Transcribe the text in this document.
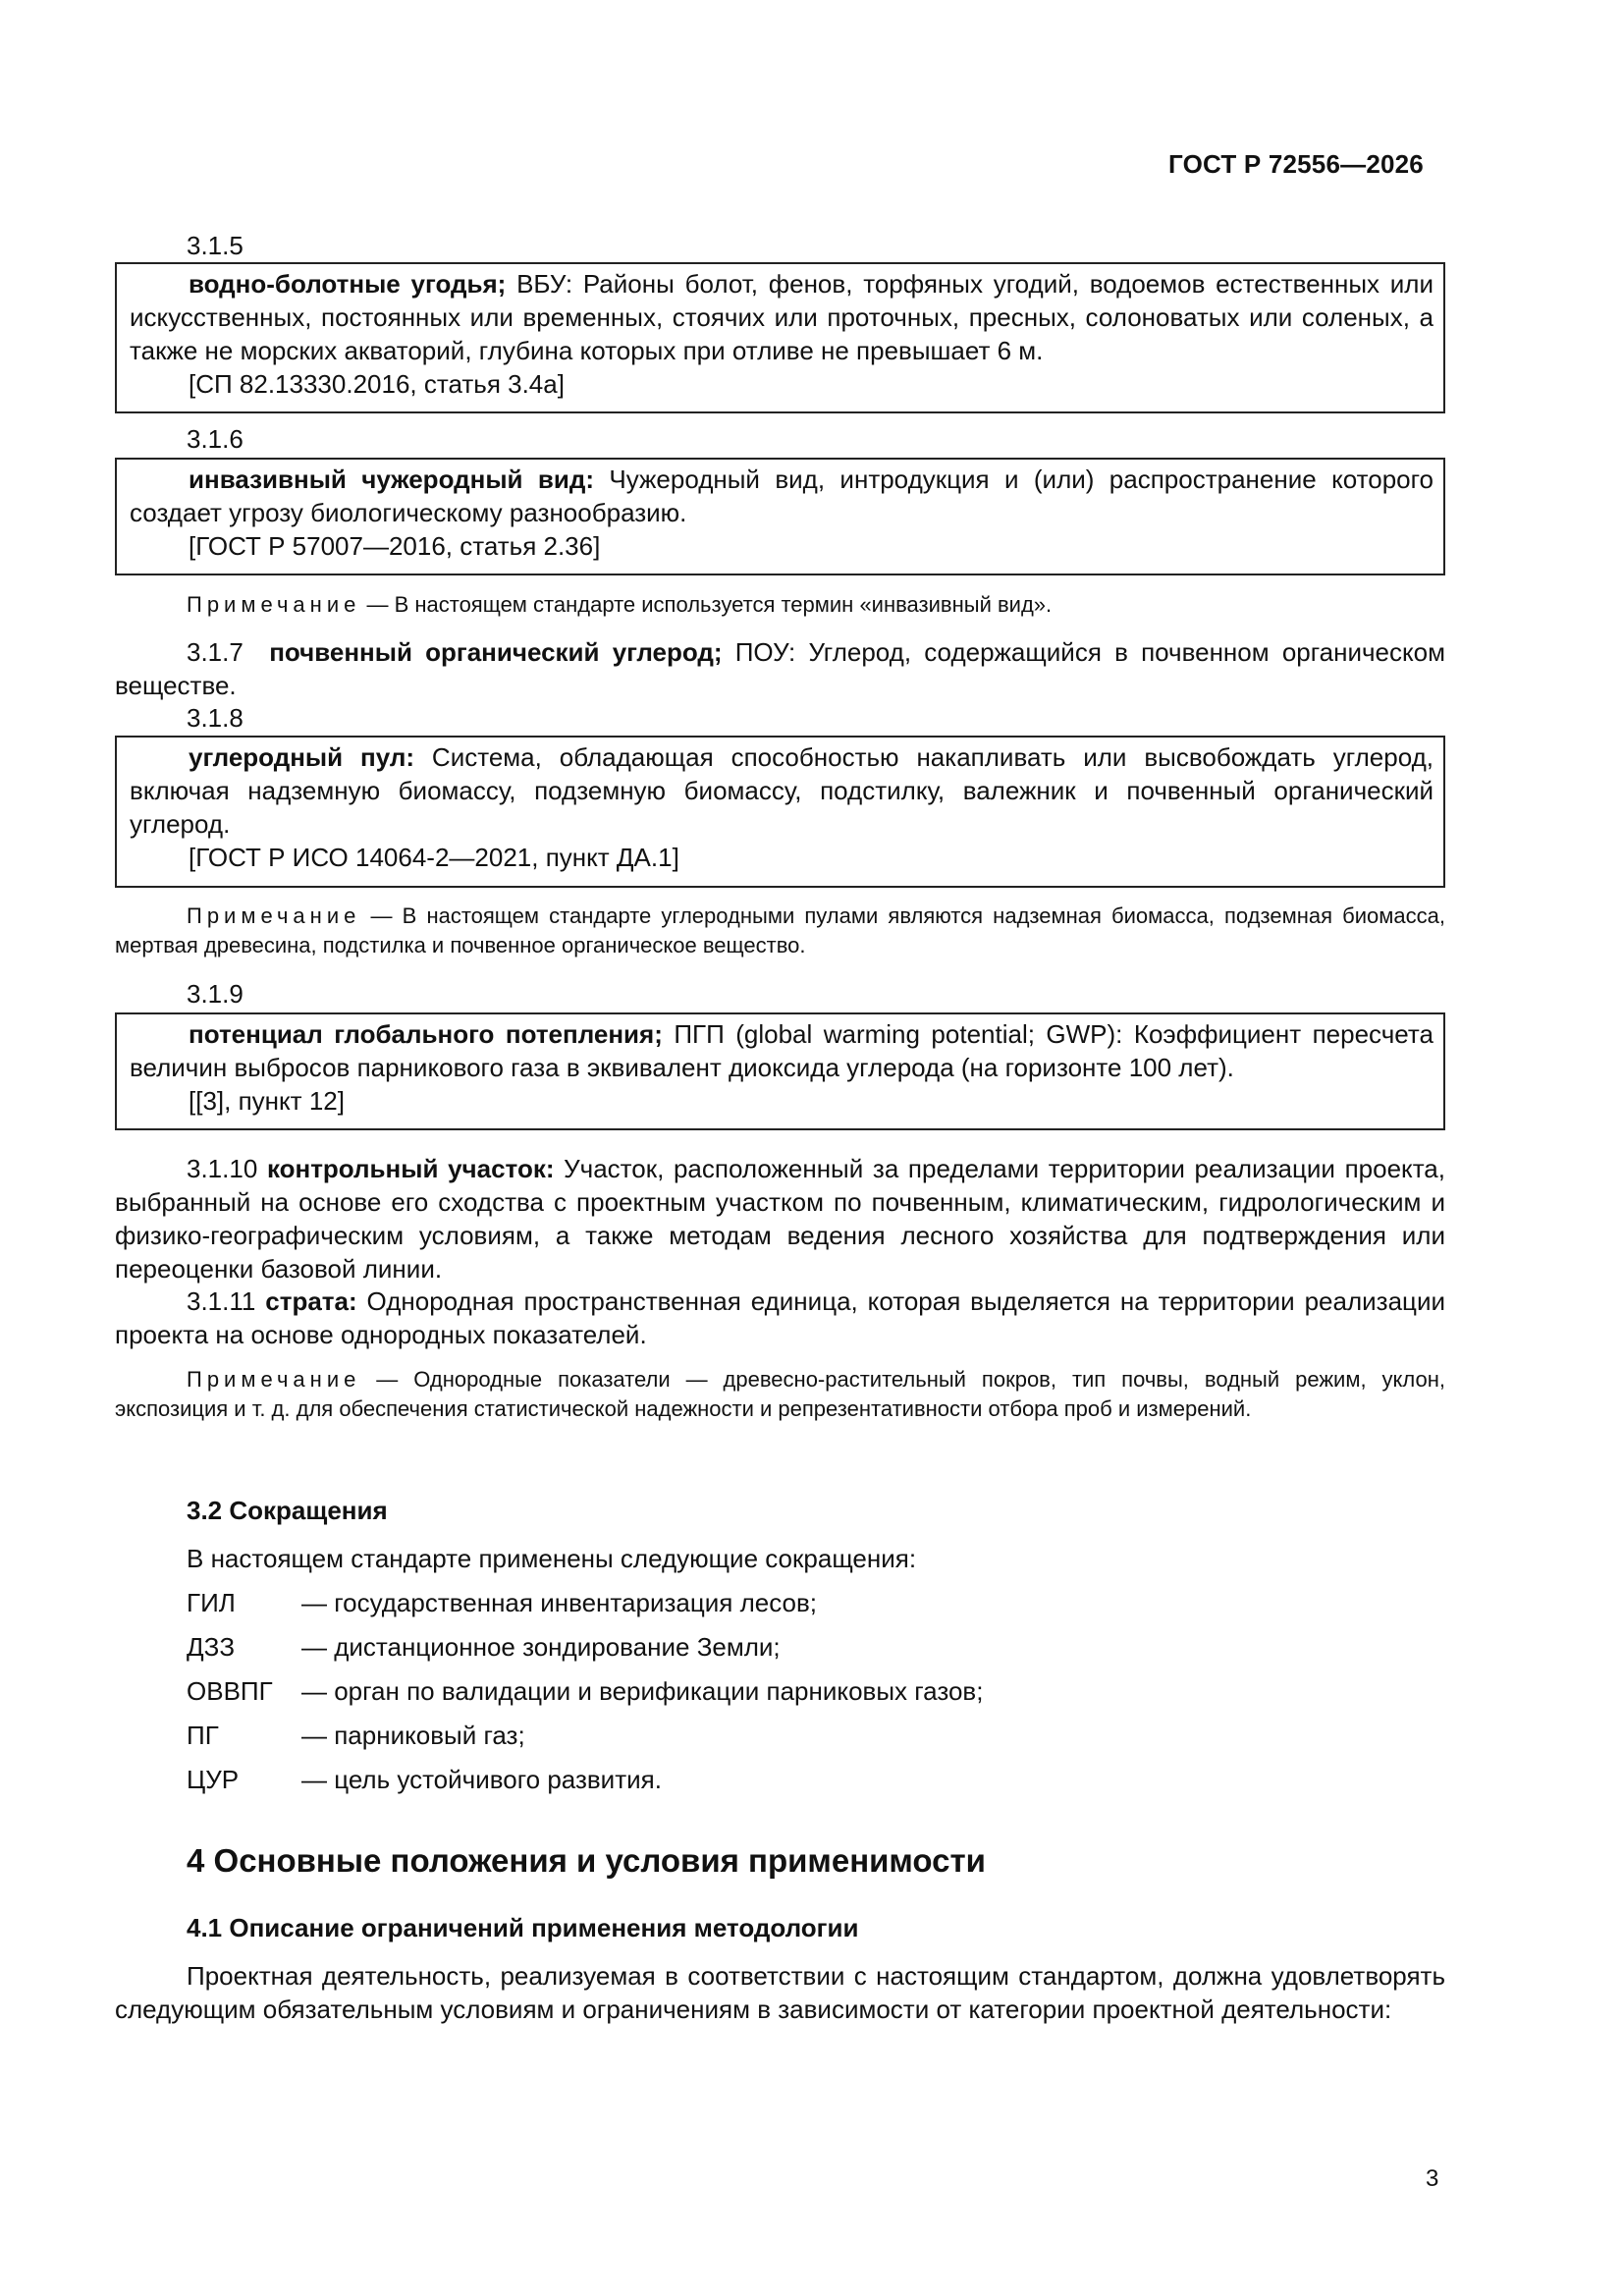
ГОСТ Р 72556—2026
3.1.5

водно-болотные угодья; ВБУ: Районы болот, фенов, торфяных угодий, водоемов естественных или искусственных, постоянных или временных, стоячих или проточных, пресных, солоноватых или соленых, а также не морских акваторий, глубина которых при отливе не превышает 6 м.

[СП 82.13330.2016, статья 3.4а]

3.1.6

инвазивный чужеродный вид: Чужеродный вид, интродукция и (или) распространение которого создает угрозу биологическому разнообразию.

[ГОСТ Р 57007—2016, статья 2.36]

Примечание — В настоящем стандарте используется термин «инвазивный вид».
3.1.7 почвенный органический углерод; ПОУ: Углерод, содержащийся в почвенном органическом веществе.
3.1.8

углеродный пул: Система, обладающая способностью накапливать или высвобождать углерод, включая надземную биомассу, подземную биомассу, подстилку, валежник и почвенный органический углерод.

[ГОСТ Р ИСО 14064-2—2021, пункт ДА.1]

Примечание — В настоящем стандарте углеродными пулами являются надземная биомасса, подземная биомасса, мертвая древесина, подстилка и почвенное органическое вещество.
3.1.9

потенциал глобального потепления; ПГП (global warming potential; GWP): Коэффициент пересчета величин выбросов парникового газа в эквивалент диоксида углерода (на горизонте 100 лет).

[[3], пункт 12]

3.1.10 контрольный участок: Участок, расположенный за пределами территории реализации проекта, выбранный на основе его сходства с проектным участком по почвенным, климатическим, гидрологическим и физико-географическим условиям, а также методам ведения лесного хозяйства для подтверждения или переоценки базовой линии.
3.1.11 страта: Однородная пространственная единица, которая выделяется на территории реализации проекта на основе однородных показателей.
Примечание — Однородные показатели — древесно-растительный покров, тип почвы, водный режим, уклон, экспозиция и т. д. для обеспечения статистической надежности и репрезентативности отбора проб и измерений.
3.2 Сокращения
В настоящем стандарте применены следующие сокращения:
ГИЛ	— государственная инвентаризация лесов;
ДЗЗ	— дистанционное зондирование Земли;
ОВВПГ — орган по валидации и верификации парниковых газов;
ПГ	— парниковый газ;
ЦУР — цель устойчивого развития.
4 Основные положения и условия применимости
4.1 Описание ограничений применения методологии
Проектная деятельность, реализуемая в соответствии с настоящим стандартом, должна удовлетворять следующим обязательным условиям и ограничениям в зависимости от категории проектной деятельности:
3
